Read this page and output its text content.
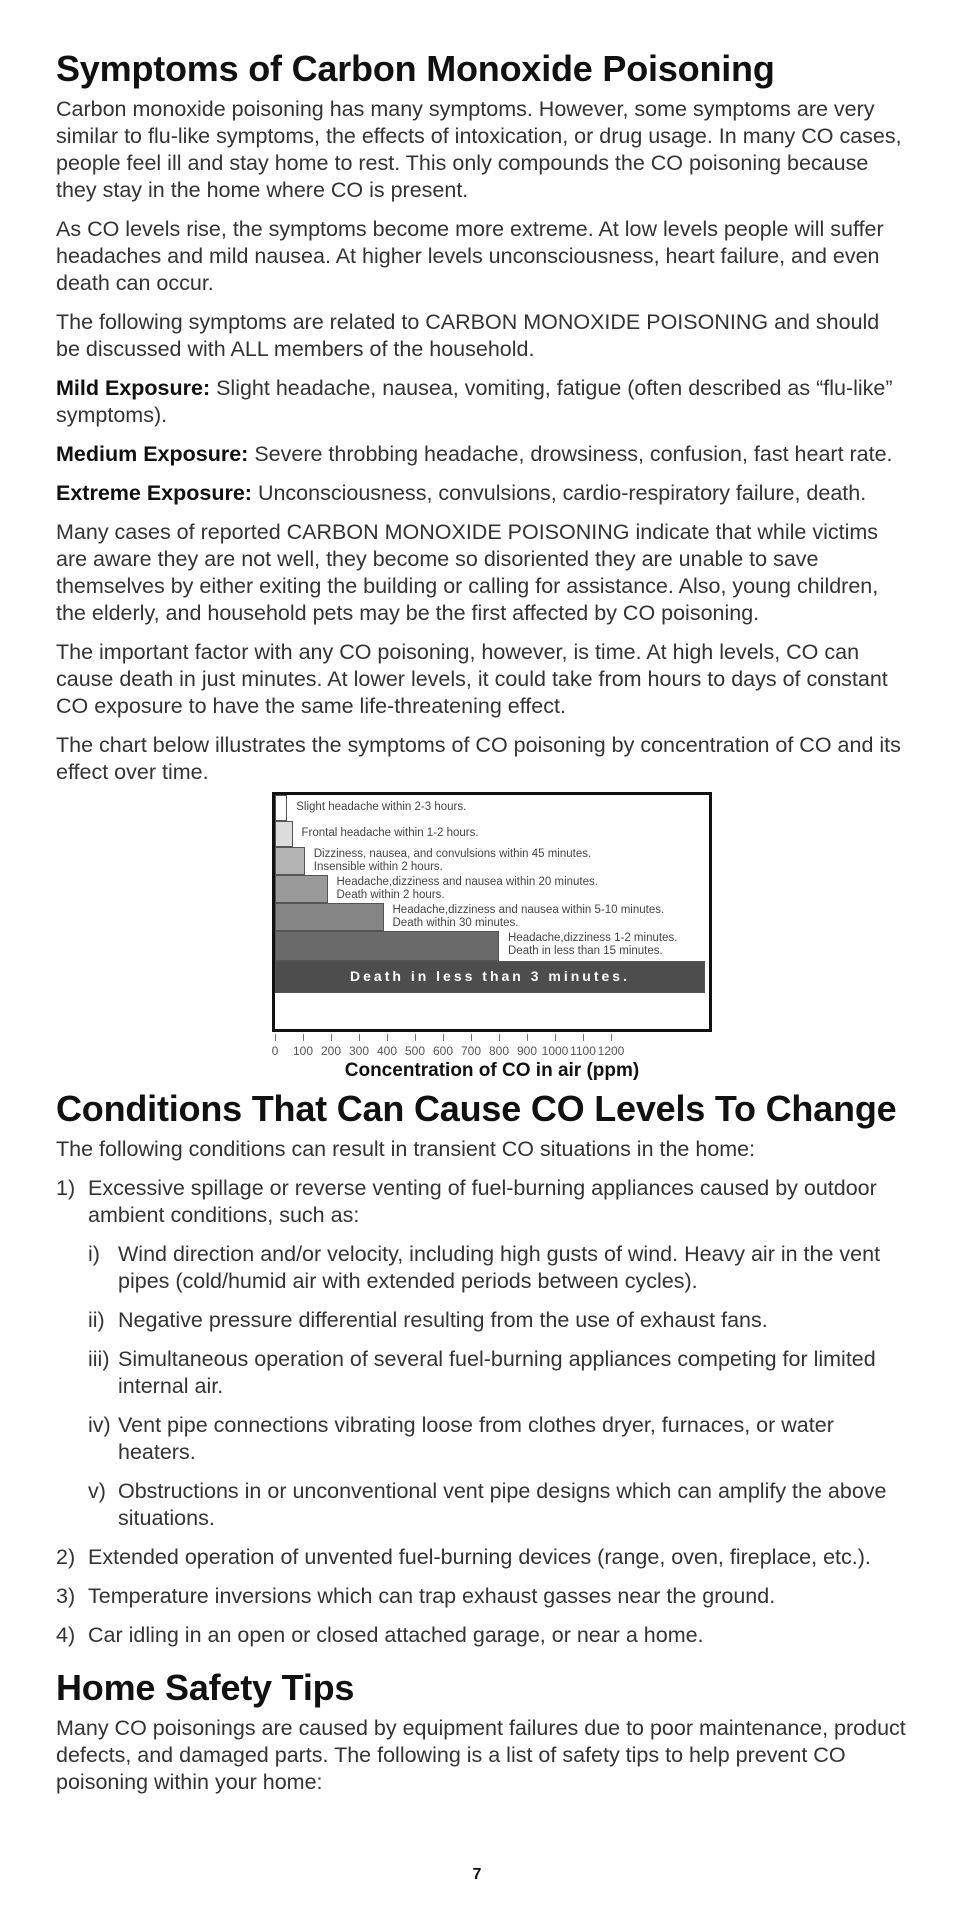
Symptoms of Carbon Monoxide Poisoning

Carbon monoxide poisoning has many symptoms. However, some symptoms are very similar to flu-like symptoms, the effects of intoxication, or drug usage. In many CO cases, people feel ill and stay home to rest. This only compounds the CO poisoning because they stay in the home where CO is present.

As CO levels rise, the symptoms become more extreme. At low levels people will suffer headaches and mild nausea. At higher levels unconsciousness, heart failure, and even death can occur.

The following symptoms are related to CARBON MONOXIDE POISONING and should be discussed with ALL members of the household.

Mild Exposure: Slight headache, nausea, vomiting, fatigue (often described as “flu-like” symptoms).

Medium Exposure: Severe throbbing headache, drowsiness, confusion, fast heart rate.

Extreme Exposure: Unconsciousness, convulsions, cardio-respiratory failure, death.

Many cases of reported CARBON MONOXIDE POISONING indicate that while victims are aware they are not well, they become so disoriented they are unable to save themselves by either exiting the building or calling for assistance. Also, young children, the elderly, and household pets may be the first affected by CO poisoning.

The important factor with any CO poisoning, however, is time. At high levels, CO can cause death in just minutes. At lower levels, it could take from hours to days of constant CO exposure to have the same life-threatening effect.

The chart below illustrates the symptoms of CO poisoning by concentration of CO and its effect over time.

Slight headache within 2-3 hours.
Frontal headache within 1-2 hours.
Dizziness, nausea, and convulsions within 45 minutes.
Insensible within 2 hours.
Headache,dizziness and nausea within 20 minutes.
Death within 2 hours.
Headache,dizziness and nausea within 5-10 minutes.
Death within 30 minutes.
Headache,dizziness 1-2 minutes.
Death in less than 15 minutes.
Death in less than 3 minutes.
0 100 200 300 400 500 600 700 800 900 1000 1100 1200
Concentration of CO in air (ppm)
Conditions That Can Cause CO Levels To Change

The following conditions can result in transient CO situations in the home:

1) Excessive spillage or reverse venting of fuel-burning appliances caused by outdoor ambient conditions, such as:
i) Wind direction and/or velocity, including high gusts of wind. Heavy air in the vent pipes (cold/humid air with extended periods between cycles).
ii) Negative pressure differential resulting from the use of exhaust fans.
iii) Simultaneous operation of several fuel-burning appliances competing for limited internal air.
iv) Vent pipe connections vibrating loose from clothes dryer, furnaces, or water heaters.
v) Obstructions in or unconventional vent pipe designs which can amplify the above situations.
2) Extended operation of unvented fuel-burning devices (range, oven, fireplace, etc.).
3) Temperature inversions which can trap exhaust gasses near the ground.
4) Car idling in an open or closed attached garage, or near a home.
Home Safety Tips

Many CO poisonings are caused by equipment failures due to poor maintenance, product defects, and damaged parts. The following is a list of safety tips to help prevent CO poisoning within your home:

7
